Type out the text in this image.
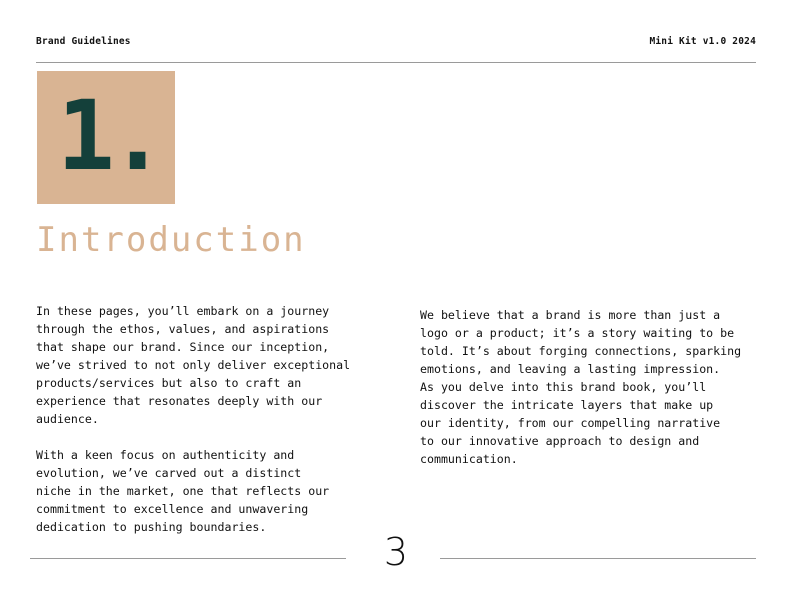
Brand Guidelines	Mini Kit v1.0 2024
1.
Introduction

In these pages, you’ll embark on a journey
through the ethos, values, and aspirations
that shape our brand. Since our inception,
we’ve strived to not only deliver exceptional
products/services but also to craft an
experience that resonates deeply with our
audience.

With a keen focus on authenticity and
evolution, we’ve carved out a distinct
niche in the market, one that reflects our
commitment to excellence and unwavering
dedication to pushing boundaries.

We believe that a brand is more than just a
logo or a product; it’s a story waiting to be
told. It’s about forging connections, sparking
emotions, and leaving a lasting impression.
As you delve into this brand book, you’ll
discover the intricate layers that make up
our identity, from our compelling narrative
to our innovative approach to design and
communication.

3
